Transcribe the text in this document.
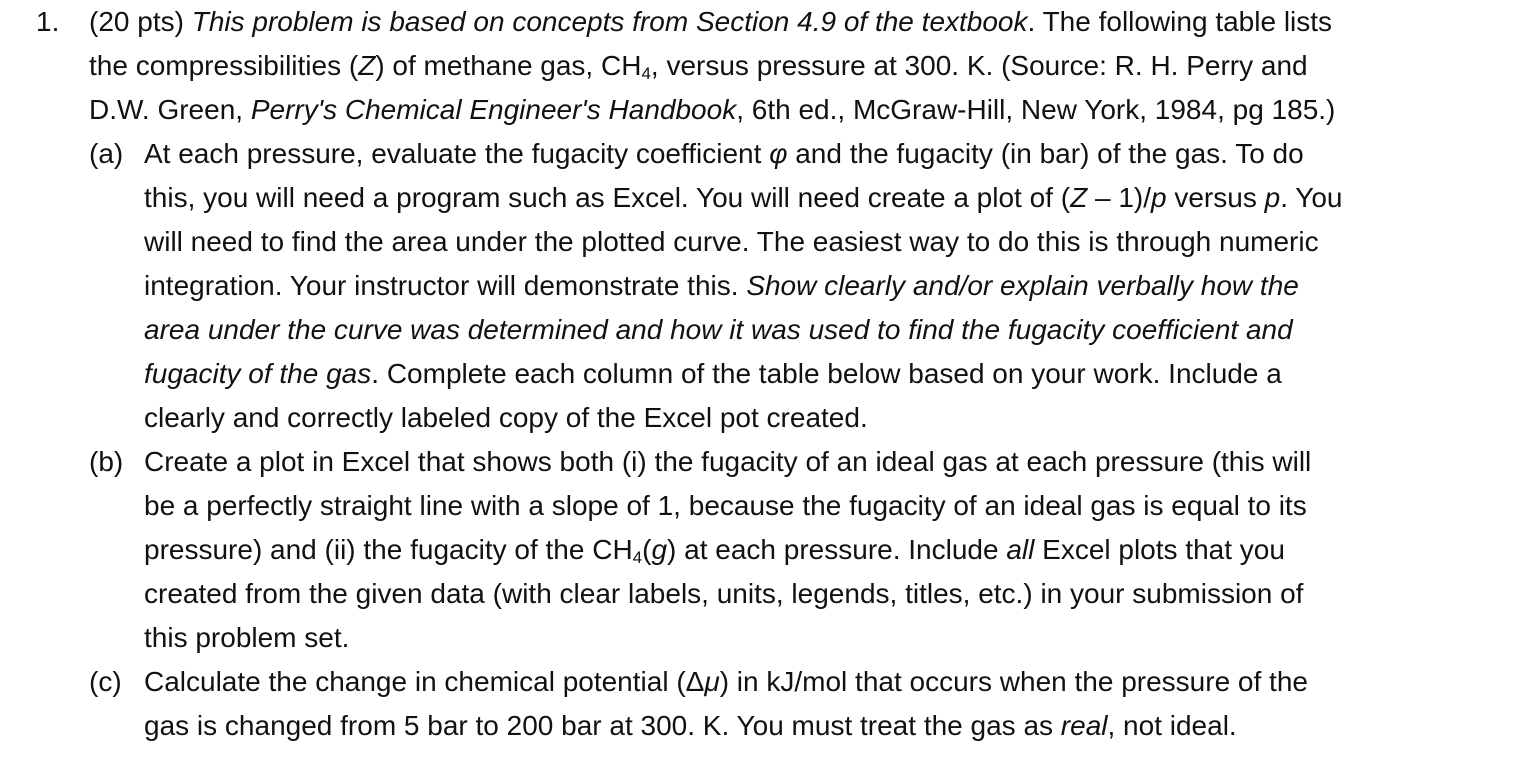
1. (20 pts) This problem is based on concepts from Section 4.9 of the textbook. The following table lists
the compressibilities (Z) of methane gas, $CH_4$, versus pressure at 300. K. (Source: R. H. Perry and
D.W. Green, Perry's Chemical Engineer's Handbook, 6th ed., McGraw-Hill, New York, 1984, pg 185.)
(a) At each pressure, evaluate the fugacity coefficient φ and the fugacity (in bar) of the gas. To do
this, you will need a program such as Excel. You will need create a plot of (Z – 1)/p versus p. You
will need to find the area under the plotted curve. The easiest way to do this is through numeric
integration. Your instructor will demonstrate this. Show clearly and/or explain verbally how the
area under the curve was determined and how it was used to find the fugacity coefficient and
fugacity of the gas. Complete each column of the table below based on your work. Include a
clearly and correctly labeled copy of the Excel pot created.
(b) Create a plot in Excel that shows both (i) the fugacity of an ideal gas at each pressure (this will
be a perfectly straight line with a slope of 1, because the fugacity of an ideal gas is equal to its
pressure) and (ii) the fugacity of the $CH_4(g)$ at each pressure. Include all Excel plots that you
created from the given data (with clear labels, units, legends, titles, etc.) in your submission of
this problem set.
(c) Calculate the change in chemical potential (Δμ) in kJ/mol that occurs when the pressure of the
gas is changed from 5 bar to 200 bar at 300. K. You must treat the gas as real, not ideal.
